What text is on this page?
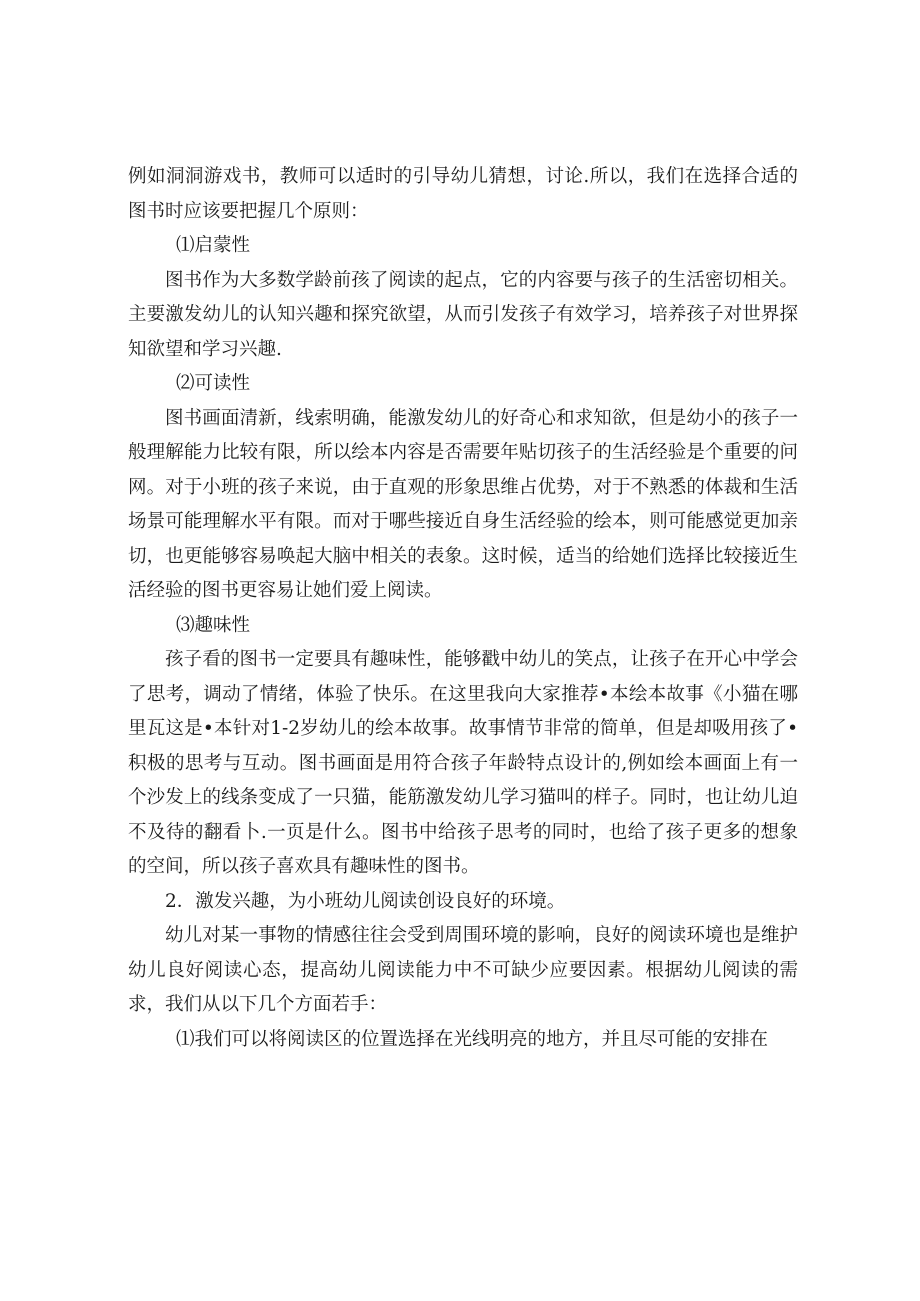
例如洞洞游戏书，教师可以适时的引导幼儿猜想，讨论.所以，我们在选择合适的图书时应该要把握几个原则：

⑴启蒙性

图书作为大多数学龄前孩了阅读的起点，它的内容要与孩子的生活密切相关。主要激发幼儿的认知兴趣和探究欲望，从而引发孩子有效学习，培养孩子对世界探知欲望和学习兴趣.

⑵可读性

图书画面清新，线索明确，能激发幼儿的好奇心和求知欲，但是幼小的孩子一般理解能力比较有限，所以绘本内容是否需要年贴切孩子的生活经验是个重要的问网。对于小班的孩子来说，由于直观的形象思维占优势，对于不熟悉的体裁和生活场景可能理解水平有限。而对于哪些接近自身生活经验的绘本，则可能感觉更加亲切，也更能够容易唤起大脑中相关的表象。这时候，适当的给她们选择比较接近生活经验的图书更容易让她们爱上阅读。

⑶趣味性

孩子看的图书一定要具有趣味性，能够戳中幼儿的笑点，让孩子在开心中学会了思考，调动了情绪，体验了快乐。在这里我向大家推荐•本绘本故事《小猫在哪里瓦这是•本针对1-2岁幼儿的绘本故事。故事情节非常的简单，但是却吸用孩了•积极的思考与互动。图书画面是用符合孩子年龄特点设计的,例如绘本画面上有一个沙发上的线条变成了一只猫，能筋激发幼儿学习猫叫的样子。同时，也让幼儿迫不及待的翻看卜.一页是什么。图书中给孩子思考的同时，也给了孩子更多的想象的空间，所以孩子喜欢具有趣味性的图书。

2．激发兴趣，为小班幼儿阅读创设良好的环境。

幼儿对某一事物的情感往往会受到周围环境的影响，良好的阅读环境也是维护幼儿良好阅读心态，提高幼儿阅读能力中不可缺少应要因素。根据幼儿阅读的需求，我们从以下几个方面若手：

⑴我们可以将阅读区的位置选择在光线明亮的地方，并且尽可能的安排在
